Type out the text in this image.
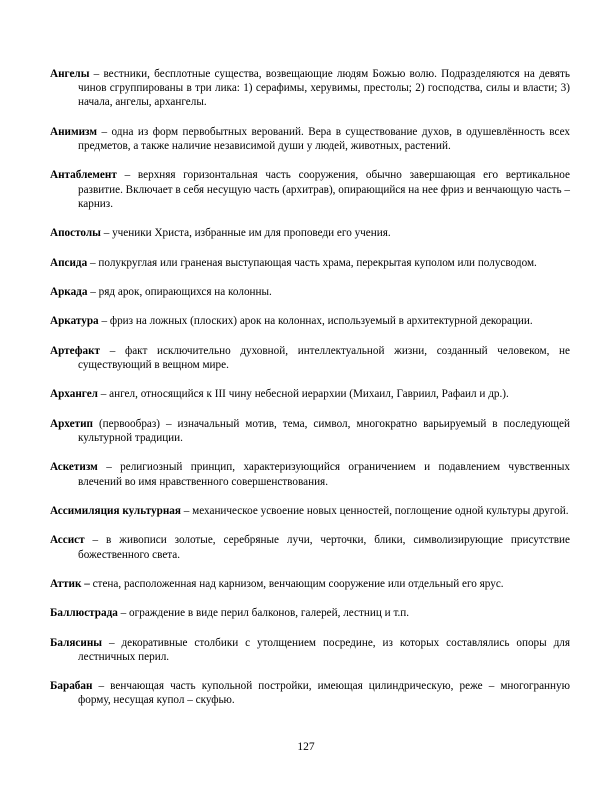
Ангелы – вестники, бесплотные существа, возвещающие людям Божью волю. Подразделяются на девять чинов сгруппированы в три лика: 1) серафимы, херувимы, престолы; 2) господства, силы и власти; 3) начала, ангелы, архангелы.

Анимизм – одна из форм первобытных верований. Вера в существование духов, в одушевлённость всех предметов, а также наличие независимой души у людей, животных, растений.

Антаблемент – верхняя горизонтальная часть сооружения, обычно завершающая его вертикальное развитие. Включает в себя несущую часть (архитрав), опирающийся на нее фриз и венчающую часть – карниз.

Апостолы – ученики Христа, избранные им для проповеди его учения.

Апсида – полукруглая или граненая выступающая часть храма, перекрытая куполом или полусводом.

Аркада – ряд арок, опирающихся на колонны.

Аркатура – фриз на ложных (плоских) арок на колоннах, используемый в архитектурной декорации.

Артефакт – факт исключительно духовной, интеллектуальной жизни, созданный человеком, не существующий в вещном мире.

Архангел – ангел, относящийся к III чину небесной иерархии (Михаил, Гавриил, Рафаил и др.).

Архетип (первообраз) – изначальный мотив, тема, символ, многократно варьируемый в последующей культурной традиции.

Аскетизм – религиозный принцип, характеризующийся ограничением и подавлением чувственных влечений во имя нравственного совершенствования.

Ассимиляция культурная – механическое усвоение новых ценностей, поглощение одной культуры другой.

Ассист – в живописи золотые, серебряные лучи, черточки, блики, символизирующие присутствие божественного света.

Аттик – стена, расположенная над карнизом, венчающим сооружение или отдельный его ярус.

Баллюстрада – ограждение в виде перил балконов, галерей, лестниц и т.п.

Балясины – декоративные столбики с утолщением посредине, из которых составлялись опоры для лестничных перил.

Барабан – венчающая часть купольной постройки, имеющая цилиндрическую, реже – многогранную форму, несущая купол – скуфью.

127
